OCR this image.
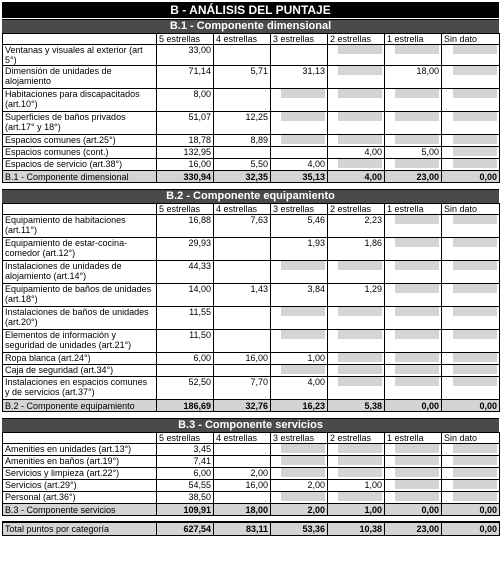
B - ANÁLISIS DEL PUNTAJE
B.1 - Componente dimensional
	5 estrellas	4 estrellas	3 estrellas	2 estrellas	1 estrella	Sin dato
Ventanas y visuales al exterior (art 5°)	33,00					
Dimensión de unidades de alojamiento	71,14	5,71	31,13		18,00	
Habitaciones para discapacitados (art.10°)	8,00					
Superficies de baños privados (art.17° y 18°)	51,07	12,25				
Espacios comunes (art.25°)	18,78	8,89				
Espacios comunes (cont.)	132,95			4,00	5,00	
Espacios de servicio (art.38°)	16,00	5,50	4,00			
B.1 - Componente dimensional	330,94	32,35	35,13	4,00	23,00	0,00
B.2 - Componente equipamiento
	5 estrellas	4 estrellas	3 estrellas	2 estrellas	1 estrella	Sin dato
Equipamiento de habitaciones (art.11°)	16,88	7,63	5,46	2,23		
Equipamiento de estar-cocina-comedor (art.12°)	29,93		1,93	1,86		
Instalaciones de unidades de alojamiento (art.14°)	44,33					
Equipamiento de baños de unidades (art.18°)	14,00	1,43	3,84	1,29		
Instalaciones de baños de unidades (art.20°)	11,55					
Elementos de información y seguridad de unidades (art.21°)	11,50					
Ropa blanca (art.24°)	6,00	16,00	1,00			
Caja de seguridad (art.34°)						
Instalaciones en espacios comunes y de servicios (art.37°)	52,50	7,70	4,00			
B.2 - Componente equipamiento	186,69	32,76	16,23	5,38	0,00	0,00
B.3 - Componente servicios
	5 estrellas	4 estrellas	3 estrellas	2 estrellas	1 estrella	Sin dato
Amenities en unidades (art.13°)	3,45					
Amenities en baños (art.19°)	7,41					
Servicios y limpieza (art.22°)	6,00	2,00				
Servicios (art.29°)	54,55	16,00	2,00	1,00		
Personal (art.36°)	38,50					
B.3 - Componente servicios	109,91	18,00	2,00	1,00	0,00	0,00
Total puntos por categoría	627,54	83,11	53,36	10,38	23,00	0,00
